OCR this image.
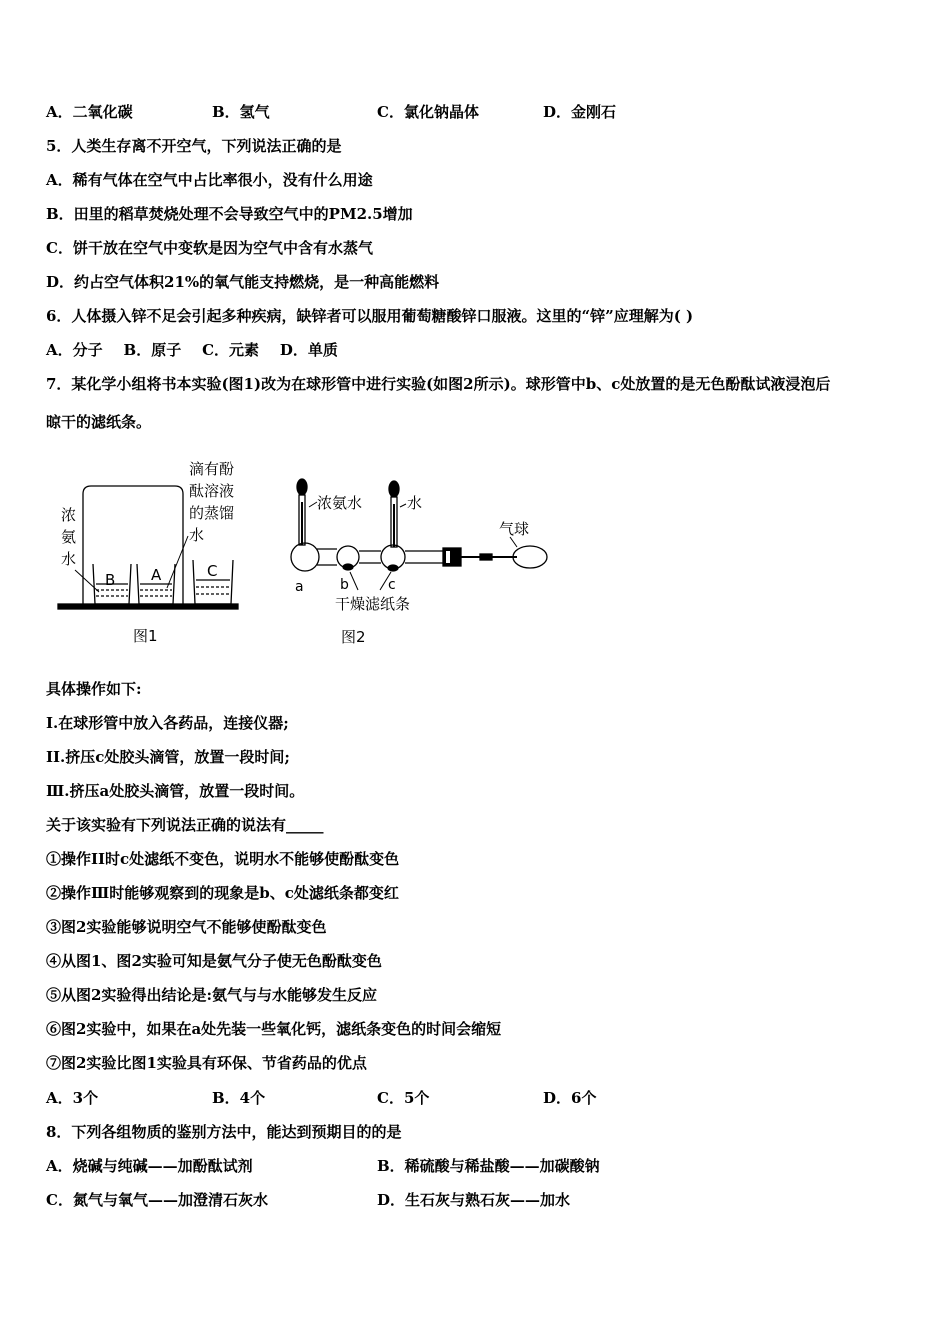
A．二氧化碳	B．氢气	C．氯化钠晶体	D．金刚石
5．人类生存离不开空气，下列说法正确的是
A．稀有气体在空气中占比率很小，没有什么用途
B．田里的稻草焚烧处理不会导致空气中的PM2.5增加
C．饼干放在空气中变软是因为空气中含有水蒸气
D．约占空气体积21%的氧气能支持燃烧，是一种高能燃料
6．人体摄入锌不足会引起多种疾病，缺锌者可以服用葡萄糖酸锌口服液。这里的“锌”应理解为( )
A．分子    B．原子    C．元素    D．单质
7．某化学小组将书本实验(图1)改为在球形管中进行实验(如图2所示)。球形管中b、c处放置的是无色酚酞试液浸泡后
晾干的滤纸条。
浓
氨
水
滴有酚
酞溶液
的蒸馏
水
B A	C
图1
浓氨水	水
气球
a	b	c
干燥滤纸条
图2
具体操作如下:
I.在球形管中放入各药品，连接仪器;
II.挤压c处胶头滴管，放置一段时间;
Ⅲ.挤压a处胶头滴管，放置一段时间。
关于该实验有下列说法正确的说法有_____
①操作II时c处滤纸不变色，说明水不能够使酚酞变色
②操作Ⅲ时能够观察到的现象是b、c处滤纸条都变红
③图2实验能够说明空气不能够使酚酞变色
④从图1、图2实验可知是氨气分子使无色酚酞变色
⑤从图2实验得出结论是:氨气与与水能够发生反应
⑥图2实验中，如果在a处先装一些氧化钙，滤纸条变色的时间会缩短
⑦图2实验比图1实验具有环保、节省药品的优点
A．3个	B．4个	C．5个	D．6个
8．下列各组物质的鉴别方法中，能达到预期目的的是
A．烧碱与纯碱——加酚酞试剂	B．稀硫酸与稀盐酸——加碳酸钠
C．氮气与氧气——加澄清石灰水	D．生石灰与熟石灰——加水
